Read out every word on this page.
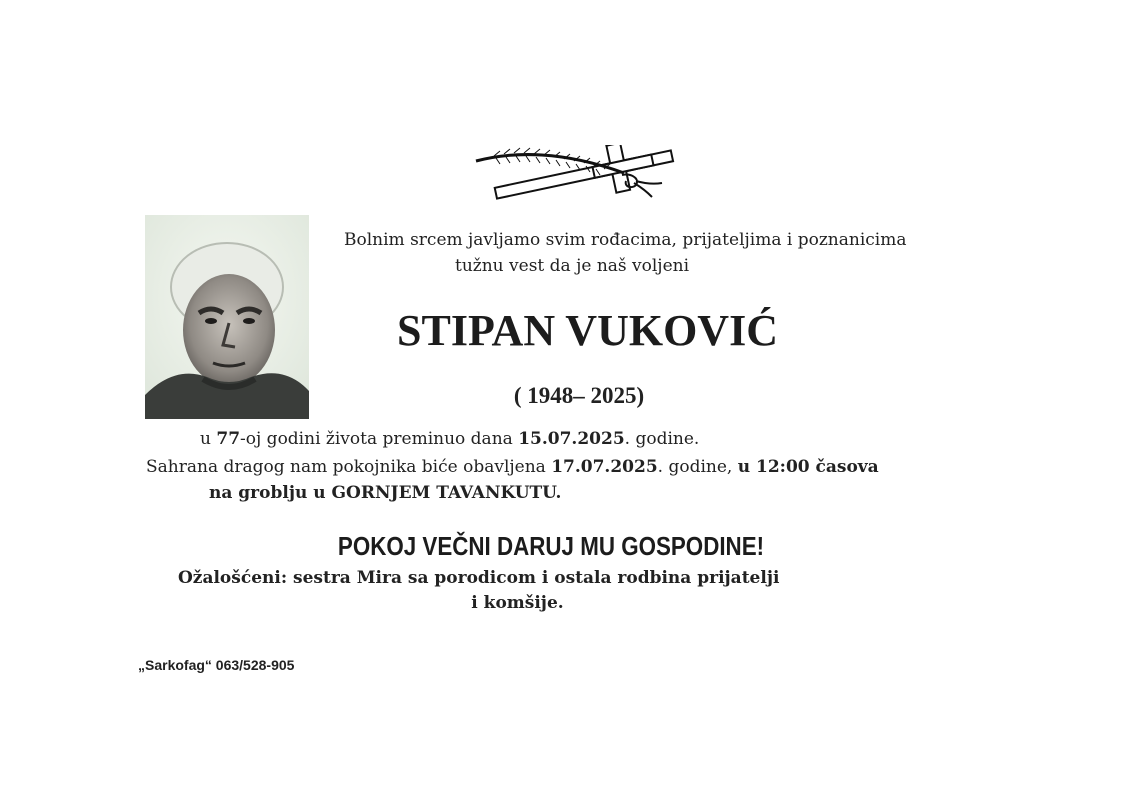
Bolnim srcem javljamo svim rođacima, prijateljima i poznanicima
tužnu vest da je naš voljeni
STIPAN VUKOVIĆ
( 1948– 2025)
u 77-oj godini života preminuo dana 15.07.2025. godine.
Sahrana dragog nam pokojnika biće obavljena 17.07.2025. godine, u 12:00 časova
na groblju u GORNJEM TAVANKUTU.
POKOJ VEČNI DARUJ MU GOSPODINE!
Ožalošćeni: sestra Mira sa porodicom i ostala rodbina prijatelji
i komšije.
„Sarkofag“ 063/528-905
